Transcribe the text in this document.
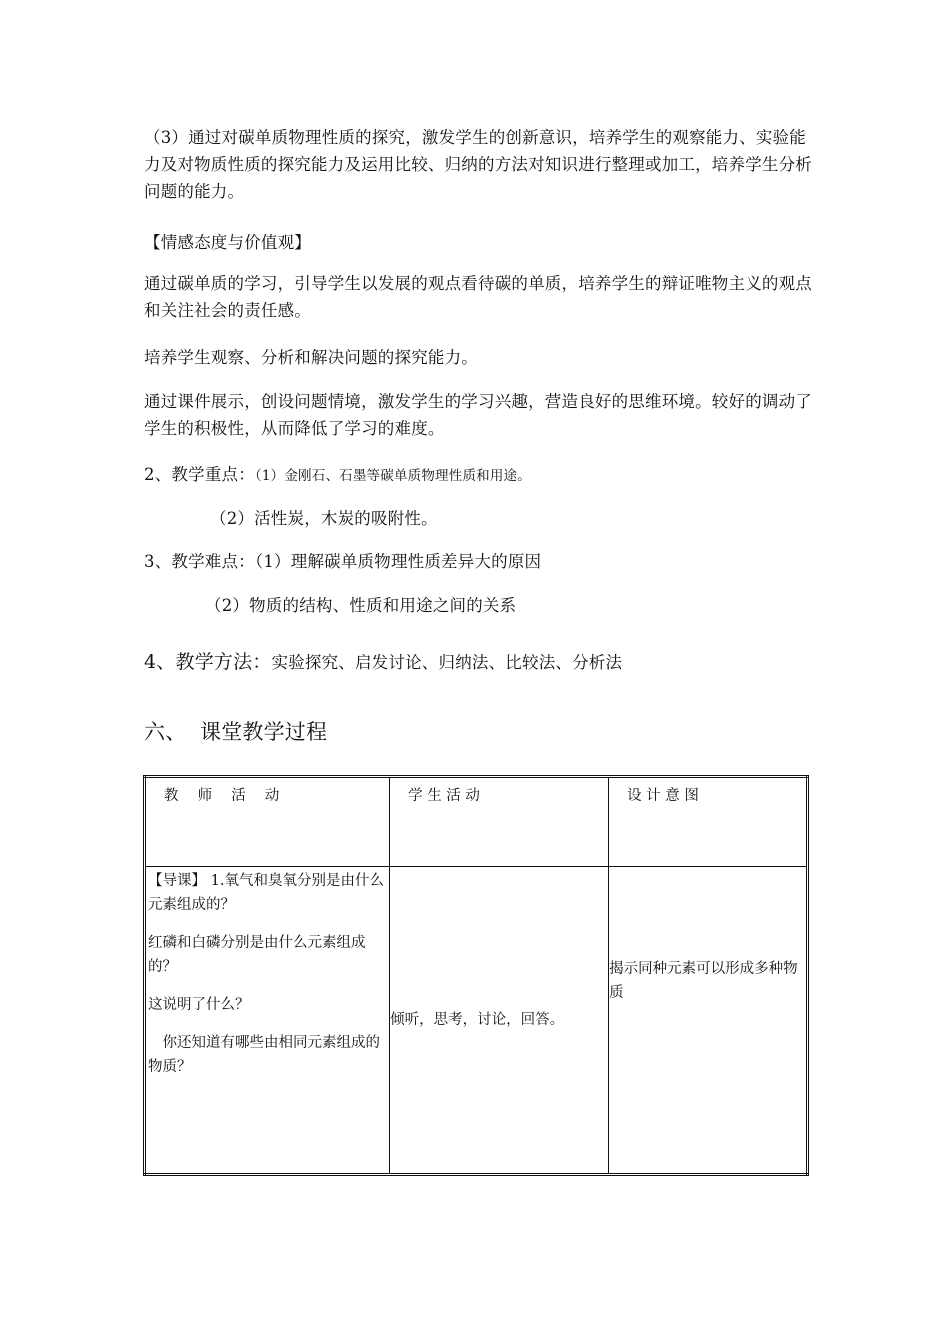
（3）通过对碳单质物理性质的探究，激发学生的创新意识，培养学生的观察能力、实验能力及对物质性质的探究能力及运用比较、归纳的方法对知识进行整理或加工，培养学生分析问题的能力。

【情感态度与价值观】

通过碳单质的学习，引导学生以发展的观点看待碳的单质，培养学生的辩证唯物主义的观点和关注社会的责任感。

培养学生观察、分析和解决问题的探究能力。

通过课件展示，创设问题情境，激发学生的学习兴趣，营造良好的思维环境。较好的调动了学生的积极性，从而降低了学习的难度。

2、教学重点：（1）金刚石、石墨等碳单质物理性质和用途。

（2）活性炭，木炭的吸附性。

3、教学难点：（1）理解碳单质物理性质差异大的原因

（2）物质的结构、性质和用途之间的关系

4、教学方法：实验探究、启发讨论、归纳法、比较法、分析法

六、 课堂教学过程

教　 师　 活　 动	学 生 活 动	设 计 意 图

【导课】 1.氧气和臭氧分别是由什么元素组成的？

红磷和白磷分别是由什么元素组成的？

这说明了什么？

　你还知道有哪些由相同元素组成的物质？	倾听，思考，讨论，回答。	揭示同种元素可以形成多种物质
